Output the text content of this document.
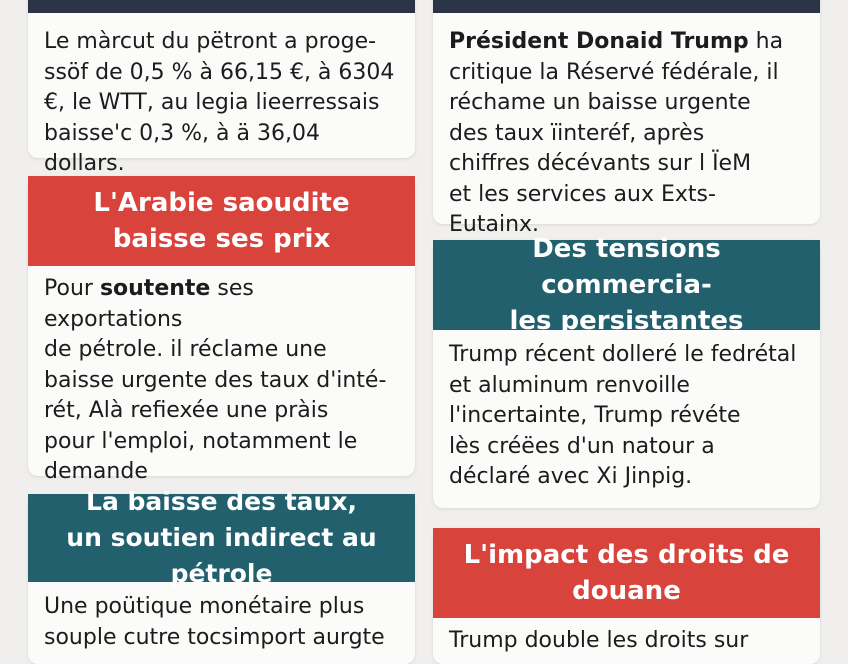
Le màrcut du pëtront a proge-
ssöf de 0,5 % à 66,15 €, à 6304
€, le WTT, au legia lieerressais
baisse'c 0,3 %, à ä 36,04 dollars.

L'Arabie saoudite
baisse ses prix

Pour soutente ses exportations
de pétrole. il réclame une
baisse urgente des taux d'inté-
rét, Alà refiexée une pràis
pour l'emploi, notamment le
demande

La baisse des taux,
un soutien indirect au pétrole

Une poütique monétaire plus
souple cutre tocsimport aurgte

Président Donaid Trump ha
critique la Réservé fédérale, il
réchame un baisse urgente
des taux ïinteréf, après
chiffres décévants sur l ÏeM
et les services aux Exts-Eutainx.

Des tensions commercia-
les persistantes

Trump récent dolleré le fedrétal
et aluminum renvoille
l'incertainte, Trump révéte
lès créёes d'un natour a
déclaré avec Xi Jinpig.

L'impact des droits de
douane

Trump double les droits sur
